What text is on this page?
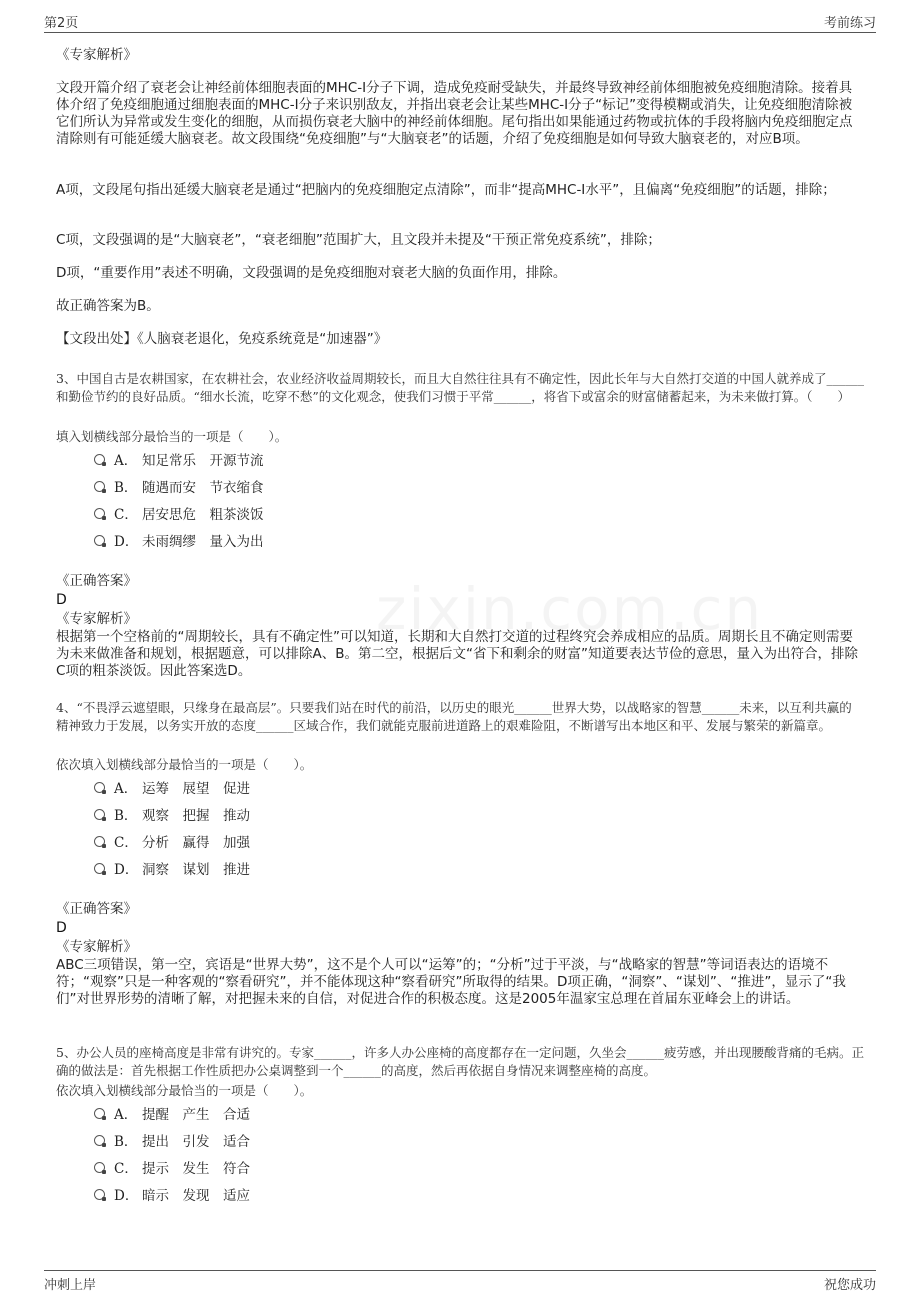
第2页	考前练习

《专家解析》

文段开篇介绍了衰老会让神经前体细胞表面的MHC-I分子下调，造成免疫耐受缺失，并最终导致神经前体细胞被免疫细胞清除。接着具体介绍了免疫细胞通过细胞表面的MHC-I分子来识别敌友，并指出衰老会让某些MHC-I分子“标记”变得模糊或消失，让免疫细胞清除被它们所认为异常或发生变化的细胞，从而损伤衰老大脑中的神经前体细胞。尾句指出如果能通过药物或抗体的手段将脑内免疫细胞定点清除则有可能延缓大脑衰老。故文段围绕“免疫细胞”与“大脑衰老”的话题，介绍了免疫细胞是如何导致大脑衰老的，对应B项。

A项，文段尾句指出延缓大脑衰老是通过“把脑内的免疫细胞定点清除”，而非“提高MHC-I水平”，且偏离“免疫细胞”的话题，排除；

C项，文段强调的是“大脑衰老”，“衰老细胞”范围扩大，且文段并未提及“干预正常免疫系统”，排除；

D项，“重要作用”表述不明确，文段强调的是免疫细胞对衰老大脑的负面作用，排除。

故正确答案为B。

【文段出处】《人脑衰老退化，免疫系统竟是“加速器”》

3、中国自古是农耕国家，在农耕社会，农业经济收益周期较长，而且大自然往往具有不确定性，因此长年与大自然打交道的中国人就养成了______和勤俭节约的良好品质。“细水长流，吃穿不愁”的文化观念，使我们习惯于平常______，将省下或富余的财富储蓄起来，为未来做打算。（　　）

填入划横线部分最恰当的一项是（　　）。

A． 知足常乐　开源节流
B． 随遇而安　节衣缩食
C． 居安思危　粗茶淡饭
D． 未雨绸缪　量入为出

《正确答案》

D

《专家解析》

根据第一个空格前的“周期较长，具有不确定性”可以知道，长期和大自然打交道的过程终究会养成相应的品质。周期长且不确定则需要为未来做准备和规划，根据题意，可以排除A、B。第二空，根据后文“省下和剩余的财富”知道要表达节俭的意思，量入为出符合，排除C项的粗茶淡饭。因此答案选D。

4、“不畏浮云遮望眼，只缘身在最高层”。只要我们站在时代的前沿，以历史的眼光______世界大势，以战略家的智慧______未来，以互利共赢的精神致力于发展，以务实开放的态度______区域合作，我们就能克服前进道路上的艰难险阻，不断谱写出本地区和平、发展与繁荣的新篇章。

依次填入划横线部分最恰当的一项是（　　）。

A． 运筹　展望　促进
B． 观察　把握　推动
C． 分析　赢得　加强
D． 洞察　谋划　推进

《正确答案》

D

《专家解析》

ABC三项错误，第一空，宾语是“世界大势”，这不是个人可以“运筹”的；“分析”过于平淡，与“战略家的智慧”等词语表达的语境不符；“观察”只是一种客观的“察看研究”，并不能体现这种“察看研究”所取得的结果。D项正确，“洞察”、“谋划”、“推进”，显示了“我们”对世界形势的清晰了解，对把握未来的自信，对促进合作的积极态度。这是2005年温家宝总理在首届东亚峰会上的讲话。

5、办公人员的座椅高度是非常有讲究的。专家______，许多人办公座椅的高度都存在一定问题，久坐会______疲劳感，并出现腰酸背痛的毛病。正确的做法是：首先根据工作性质把办公桌调整到一个______的高度，然后再依据自身情况来调整座椅的高度。

依次填入划横线部分最恰当的一项是（　　）。

A． 提醒　产生　合适
B． 提出　引发　适合
C． 提示　发生　符合
D． 暗示　发现　适应
冲刺上岸	祝您成功
